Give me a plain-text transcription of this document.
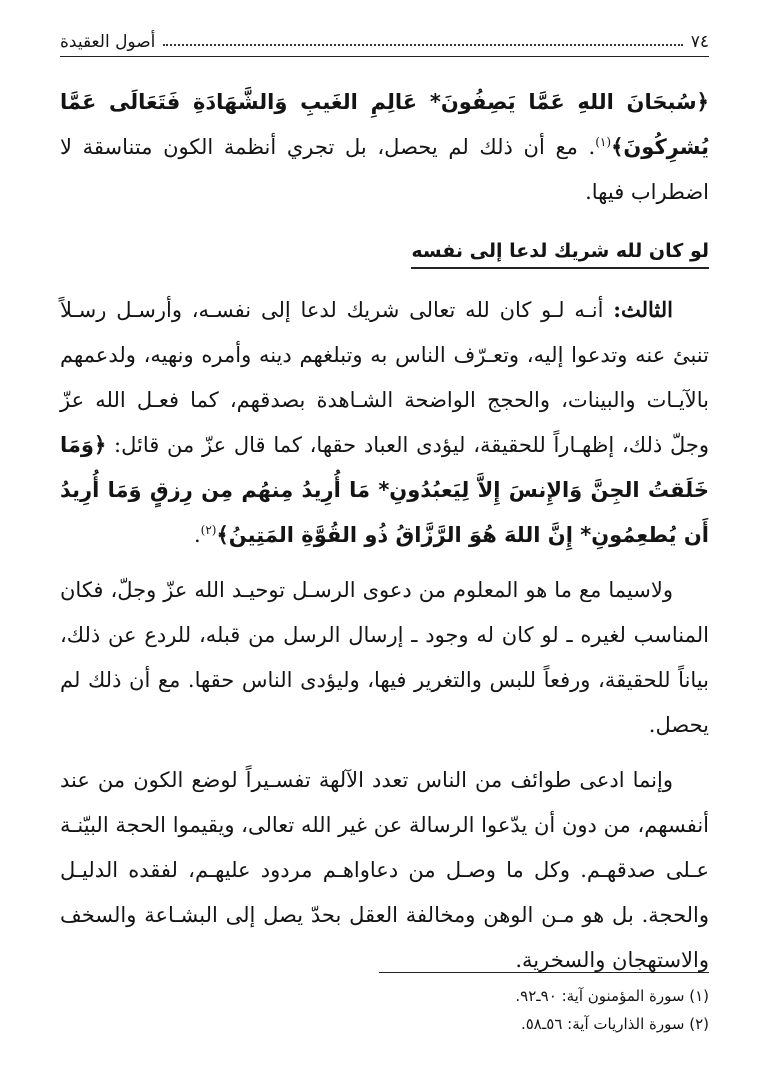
٧٤
أصول العقيدة

﴿سُبحَانَ اللهِ عَمَّا يَصِفُونَ* عَالِمِ الغَيبِ وَالشَّهَادَةِ فَتَعَالَى عَمَّا يُشرِكُونَ﴾$^{(١)}$. مع أن ذلك لم يحصل، بل تجري أنظمة الكون متناسقة لا اضطراب فيها.

لو كان لله شريك لدعا إلى نفسه

الثالث: أنـه لـو كان لله تعالى شريك لدعا إلى نفسـه، وأرسـل رسـلاً تنبئ عنه وتدعوا إليه، وتعـرّف الناس به وتبلغهم دينه وأمره ونهيه، ولدعمهم بالآيـات والبينات، والحجج الواضحة الشـاهدة بصدقهم، كما فعـل الله عزّ وجلّ ذلك، إظهـاراً للحقيقة، ليؤدى العباد حقها، كما قال عزّ من قائل: ﴿وَمَا خَلَقتُ الجِنَّ وَالإِنسَ إِلاَّ لِيَعبُدُونِ* مَا أُرِيدُ مِنهُم مِن رِزقٍ وَمَا أُرِيدُ أَن يُطعِمُونِ* إِنَّ اللهَ هُوَ الرَّزَّاقُ ذُو القُوَّةِ المَتِينُ﴾$^{(٢)}$.

ولاسيما مع ما هو المعلوم من دعوى الرسـل توحيـد الله عزّ وجلّ، فكان المناسب لغيره ـ لو كان له وجود ـ إرسال الرسل من قبله، للردع عن ذلك، بياناً للحقيقة، ورفعاً للبس والتغرير فيها، وليؤدى الناس حقها. مع أن ذلك لم يحصل.

وإنما ادعى طوائف من الناس تعدد الآلهة تفسـيراً لوضع الكون من عند أنفسهم، من دون أن يدّعوا الرسالة عن غير الله تعالى، ويقيموا الحجة البيّنـة عـلى صدقهـم. وكل ما وصـل من دعاواهـم مردود عليهـم، لفقده الدليـل والحجة. بل هو مـن الوهن ومخالفة العقل بحدّ يصل إلى البشـاعة والسخف والاستهجان والسخرية.

(١) سورة المؤمنون آية: ٩٠ـ٩٢.
(٢) سورة الذاريات آية: ٥٦ـ٥٨.
